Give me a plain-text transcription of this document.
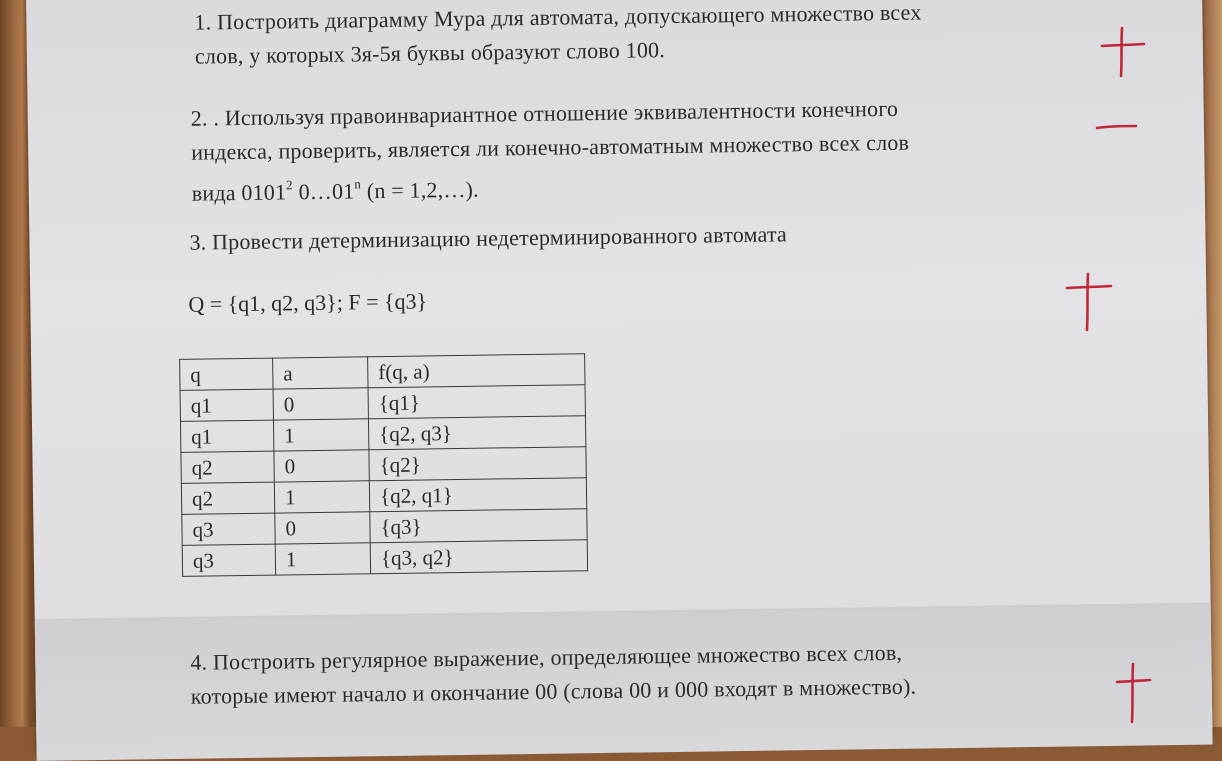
1. Построить диаграмму Мура для автомата, допускающего множество всех
слов, у которых 3я-5я буквы образуют слово 100.
2. . Используя правоинвариантное отношение эквивалентности конечного
индекса, проверить, является ли конечно-автоматным множество всех слов
вида 0101$^2$ 0…01$^n$ (n = 1,2,…).
3. Провести детерминизацию недетерминированного автомата
Q = {q1, q2, q3}; F = {q3}
q	a	f(q, a)
q1	0	{q1}
q1	1	{q2, q3}
q2	0	{q2}
q2	1	{q2, q1}
q3	0	{q3}
q3	1	{q3, q2}
4. Построить регулярное выражение, определяющее множество всех слов,
которые имеют начало и окончание 00 (слова 00 и 000 входят в множество).
